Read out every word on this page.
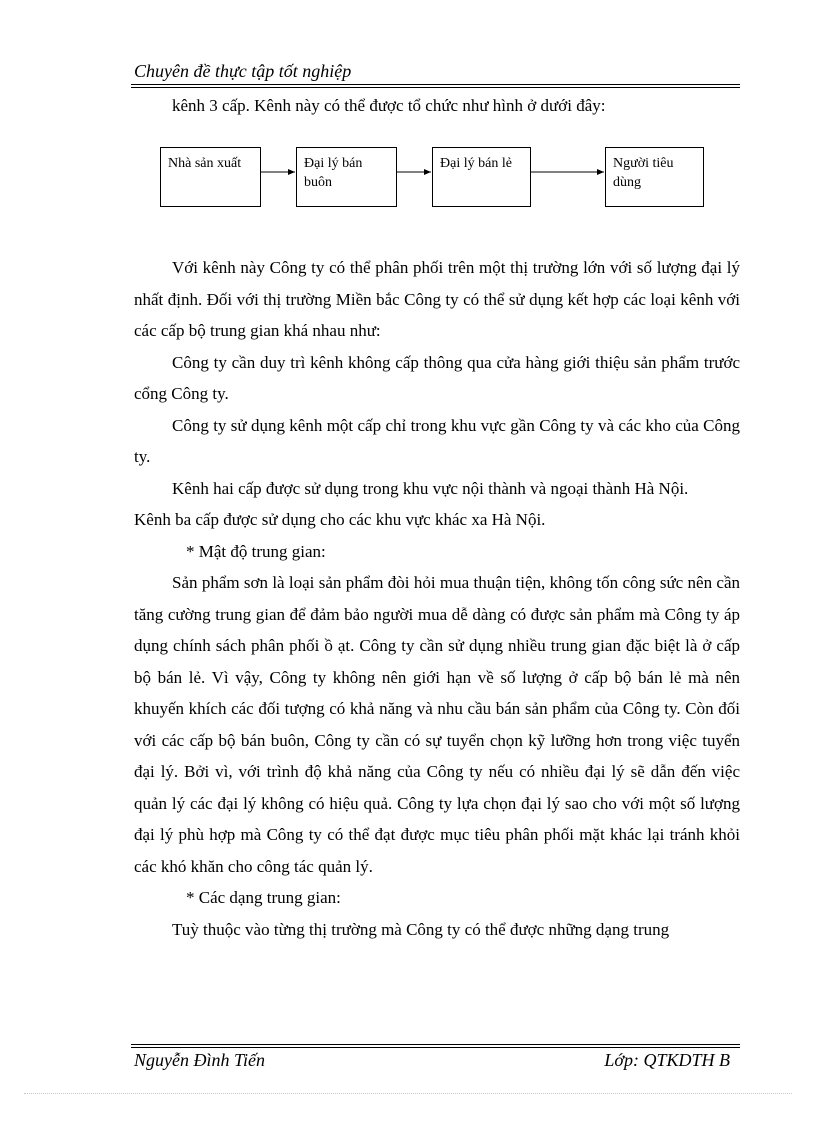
Chuyên đề thực tập tốt nghiệp

kênh 3 cấp. Kênh này có thể được tổ chức như hình ở dưới đây:

Nhà sản xuất	Đại lý bán buôn
Đại lý bán lẻ	Người tiêu dùng

Với kênh này Công ty có thể phân phối trên một thị trường lớn với số lượng đại lý nhất định. Đối với thị trường Miền bắc Công ty có thể sử dụng kết hợp các loại kênh với các cấp bộ trung gian khá nhau như:

Công ty cần duy trì kênh không cấp thông qua cửa hàng giới thiệu sản phẩm trước cổng Công ty.

Công ty sử dụng kênh một cấp chỉ trong khu vực gần Công ty và các kho của Công ty.

Kênh hai cấp được sử dụng trong khu vực nội thành và ngoại thành Hà Nội.

Kênh ba cấp được sử dụng cho các khu vực khác xa Hà Nội.

* Mật độ trung gian:

Sản phẩm sơn là loại sản phẩm đòi hỏi mua thuận tiện, không tốn công sức nên cần tăng cường trung gian để đảm bảo người mua dễ dàng có được sản phẩm mà Công ty áp dụng chính sách phân phối ồ ạt. Công ty cần sử dụng nhiều trung gian đặc biệt là ở cấp bộ bán lẻ. Vì vậy, Công ty không nên giới hạn về số lượng ở cấp bộ bán lẻ mà nên khuyến khích các đối tượng có khả năng và nhu cầu bán sản phẩm của Công ty. Còn đối với các cấp bộ bán buôn, Công ty cần có sự tuyển chọn kỹ lưỡng hơn trong việc tuyển đại lý. Bởi vì, với trình độ khả năng của Công ty nếu có nhiều đại lý sẽ dẫn đến việc quản lý các đại lý không có hiệu quả. Công ty lựa chọn đại lý sao cho với một số lượng đại lý phù hợp mà Công ty có thể đạt được mục tiêu phân phối mặt khác lại tránh khỏi các khó khăn cho công tác quản lý.

* Các dạng trung gian:

Tuỳ thuộc vào từng thị trường mà Công ty có thể được những dạng trung

Nguyễn Đình Tiến	Lớp: QTKDTH B
